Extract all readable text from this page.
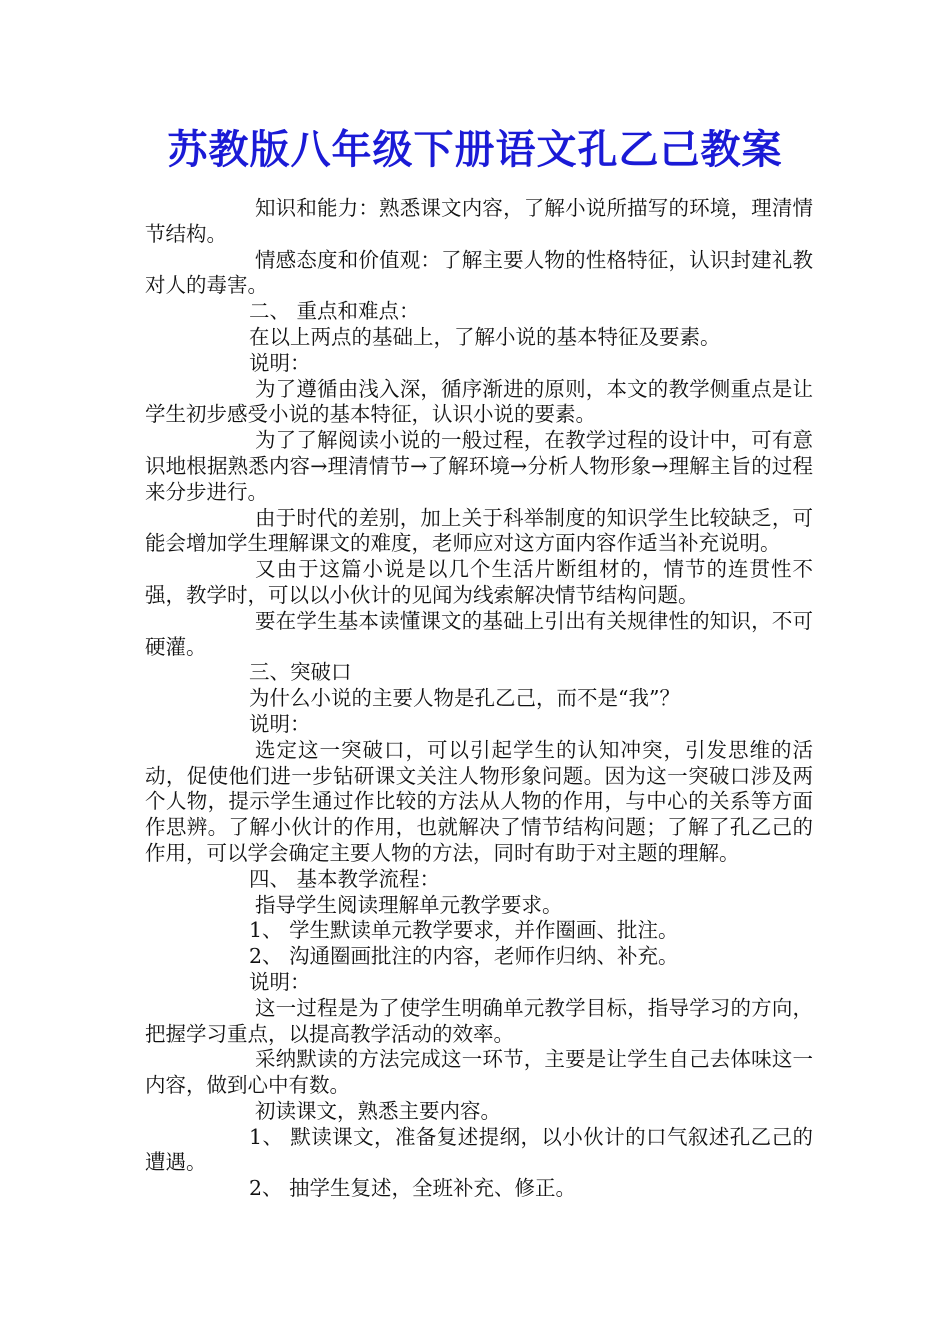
苏教版八年级下册语文孔乙己教案

知识和能力：熟悉课文内容，了解小说所描写的环境，理清情节结构。

情感态度和价值观：了解主要人物的性格特征，认识封建礼教对人的毒害。

二、 重点和难点：

在以上两点的基础上，了解小说的基本特征及要素。

说明：

为了遵循由浅入深，循序渐进的原则，本文的教学侧重点是让学生初步感受小说的基本特征，认识小说的要素。

为了了解阅读小说的一般过程，在教学过程的设计中，可有意识地根据熟悉内容→理清情节→了解环境→分析人物形象→理解主旨的过程来分步进行。

由于时代的差别，加上关于科举制度的知识学生比较缺乏，可能会增加学生理解课文的难度，老师应对这方面内容作适当补充说明。

又由于这篇小说是以几个生活片断组材的，情节的连贯性不强，教学时，可以以小伙计的见闻为线索解决情节结构问题。

要在学生基本读懂课文的基础上引出有关规律性的知识，不可硬灌。

三、突破口

为什么小说的主要人物是孔乙己，而不是“我”？

说明：

选定这一突破口，可以引起学生的认知冲突，引发思维的活动，促使他们进一步钻研课文关注人物形象问题。因为这一突破口涉及两个人物，提示学生通过作比较的方法从人物的作用，与中心的关系等方面作思辨。了解小伙计的作用，也就解决了情节结构问题；了解了孔乙己的作用，可以学会确定主要人物的方法，同时有助于对主题的理解。

四、 基本教学流程：

指导学生阅读理解单元教学要求。

1、 学生默读单元教学要求，并作圈画、批注。

2、 沟通圈画批注的内容，老师作归纳、补充。

说明：

这一过程是为了使学生明确单元教学目标，指导学习的方向，把握学习重点，以提高教学活动的效率。

采纳默读的方法完成这一环节，主要是让学生自己去体味这一内容，做到心中有数。

初读课文，熟悉主要内容。

1、 默读课文，准备复述提纲，以小伙计的口气叙述孔乙己的遭遇。

2、 抽学生复述，全班补充、修正。
